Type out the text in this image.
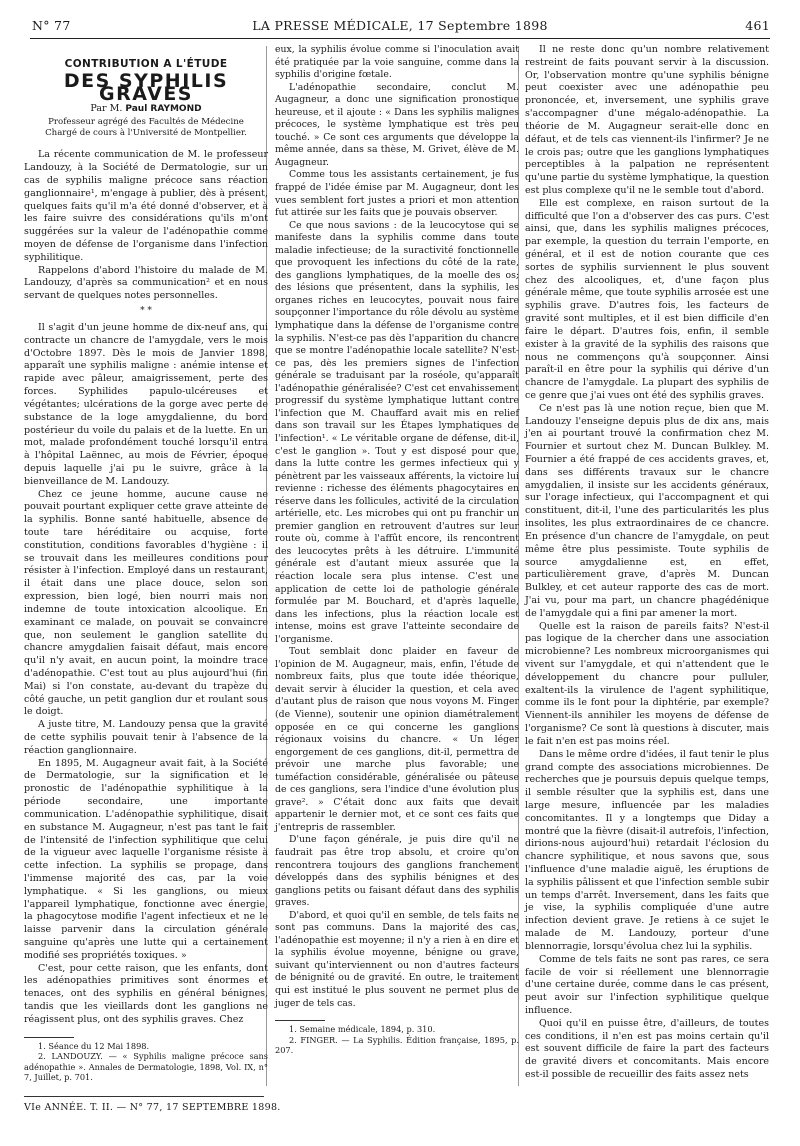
N° 77	LA PRESSE MÉDICALE, 17 Septembre 1898	461
CONTRIBUTION A L'ÉTUDE
DES SYPHILIS GRAVES
Par M. Paul RAYMOND
Professeur agrégé des Facultés de Médecine
Chargé de cours à l'Université de Montpellier.

La récente communication de M. le professeur Landouzy, à la Société de Dermatologie, sur un cas de syphilis maligne précoce sans réaction ganglionnaire¹, m'engage à publier, dès à présent, quelques faits qu'il m'a été donné d'observer, et à les faire suivre des considérations qu'ils m'ont suggérées sur la valeur de l'adénopathie comme moyen de défense de l'organisme dans l'infection syphilitique.

Rappelons d'abord l'histoire du malade de M. Landouzy, d'après sa communication² et en nous servant de quelques notes personnelles.

* *

Il s'agit d'un jeune homme de dix-neuf ans, qui contracte un chancre de l'amygdale, vers le mois d'Octobre 1897. Dès le mois de Janvier 1898, apparaît une syphilis maligne : anémie intense et rapide avec pâleur, amaigrissement, perte des forces. Syphilides papulo-ulcéreuses et végétantes; ulcérations de la gorge avec perte de substance de la loge amygdalienne, du bord postérieur du voile du palais et de la luette. En un mot, malade profondément touché lorsqu'il entra à l'hôpital Laënnec, au mois de Février, époque depuis laquelle j'ai pu le suivre, grâce à la bienveillance de M. Landouzy.

Chez ce jeune homme, aucune cause ne pouvait pourtant expliquer cette grave atteinte de la syphilis. Bonne santé habituelle, absence de toute tare héréditaire ou acquise, forte constitution, conditions favorables d'hygiène : il se trouvait dans les meilleures conditions pour résister à l'infection. Employé dans un restaurant, il était dans une place douce, selon son expression, bien logé, bien nourri mais non indemne de toute intoxication alcoolique. En examinant ce malade, on pouvait se convaincre que, non seulement le ganglion satellite du chancre amygdalien faisait défaut, mais encore qu'il n'y avait, en aucun point, la moindre trace d'adénopathie. C'est tout au plus aujourd'hui (fin Mai) si l'on constate, au-devant du trapèze du côté gauche, un petit ganglion dur et roulant sous le doigt.

A juste titre, M. Landouzy pensa que la gravité de cette syphilis pouvait tenir à l'absence de la réaction ganglionnaire.

En 1895, M. Augagneur avait fait, à la Société de Dermatologie, sur la signification et le pronostic de l'adénopathie syphilitique à la période secondaire, une importante communication. L'adénopathie syphilitique, disait en substance M. Augagneur, n'est pas tant le fait de l'intensité de l'infection syphilitique que celui de la vigueur avec laquelle l'organisme résiste à cette infection. La syphilis se propage, dans l'immense majorité des cas, par la voie lymphatique. « Si les ganglions, ou mieux l'appareil lymphatique, fonctionne avec énergie, la phagocytose modifie l'agent infectieux et ne le laisse parvenir dans la circulation générale sanguine qu'après une lutte qui a certainement modifié ses propriétés toxiques. »

C'est, pour cette raison, que les enfants, dont les adénopathies primitives sont énormes et tenaces, ont des syphilis en général bénignes, tandis que les vieillards dont les ganglions ne réagissent plus, ont des syphilis graves. Chez

1. Séance du 12 Mai 1898.
2. LANDOUZY. — « Syphilis maligne précoce sans adénopathie ». Annales de Dermatologie, 1898, Vol. IX, n° 7, Juillet, p. 701.

eux, la syphilis évolue comme si l'inoculation avait été pratiquée par la voie sanguine, comme dans la syphilis d'origine fœtale.

L'adénopathie secondaire, conclut M. Augagneur, a donc une signification pronostique heureuse, et il ajoute : « Dans les syphilis malignes précoces, le système lymphatique est très peu touché. » Ce sont ces arguments que développe la même année, dans sa thèse, M. Grivet, élève de M. Augagneur.

Comme tous les assistants certainement, je fus frappé de l'idée émise par M. Augagneur, dont les vues semblent fort justes a priori et mon attention fut attirée sur les faits que je pouvais observer.

Ce que nous savions : de la leucocytose qui se manifeste dans la syphilis comme dans toute maladie infectieuse; de la suractivité fonctionnelle que provoquent les infections du côté de la rate, des ganglions lymphatiques, de la moelle des os; des lésions que présentent, dans la syphilis, les organes riches en leucocytes, pouvait nous faire soupçonner l'importance du rôle dévolu au système lymphatique dans la défense de l'organisme contre la syphilis. N'est-ce pas dès l'apparition du chancre que se montre l'adénopathie locale satellite? N'est-ce pas, dès les premiers signes de l'infection générale se traduisant par la roséole, qu'apparaît l'adénopathie généralisée? C'est cet envahissement progressif du système lymphatique luttant contre l'infection que M. Chauffard avait mis en relief dans son travail sur les Étapes lymphatiques de l'infection¹. « Le véritable organe de défense, dit-il, c'est le ganglion ». Tout y est disposé pour que, dans la lutte contre les germes infectieux qui y pénètrent par les vaisseaux afférents, la victoire lui revienne : richesse des éléments phagocytaires en réserve dans les follicules, activité de la circulation artérielle, etc. Les microbes qui ont pu franchir un premier ganglion en retrouvent d'autres sur leur route où, comme à l'affût encore, ils rencontrent des leucocytes prêts à les détruire. L'immunité générale est d'autant mieux assurée que la réaction locale sera plus intense. C'est une application de cette loi de pathologie générale formulée par M. Bouchard, et d'après laquelle, dans les infections, plus la réaction locale est intense, moins est grave l'atteinte secondaire de l'organisme.

Tout semblait donc plaider en faveur de l'opinion de M. Augagneur, mais, enfin, l'étude de nombreux faits, plus que toute idée théorique, devait servir à élucider la question, et cela avec d'autant plus de raison que nous voyons M. Finger (de Vienne), soutenir une opinion diamétralement opposée en ce qui concerne les ganglions régionaux voisins du chancre. « Un léger engorgement de ces ganglions, dit-il, permettra de prévoir une marche plus favorable; une tuméfaction considérable, généralisée ou pâteuse de ces ganglions, sera l'indice d'une évolution plus grave². » C'était donc aux faits que devait appartenir le dernier mot, et ce sont ces faits que j'entrepris de rassembler.

D'une façon générale, je puis dire qu'il ne faudrait pas être trop absolu, et croire qu'on rencontrera toujours des ganglions franchement développés dans des syphilis bénignes et des ganglions petits ou faisant défaut dans des syphilis graves.

D'abord, et quoi qu'il en semble, de tels faits ne sont pas communs. Dans la majorité des cas, l'adénopathie est moyenne; il n'y a rien à en dire et la syphilis évolue moyenne, bénigne ou grave, suivant qu'interviennent ou non d'autres facteurs de bénignité ou de gravité. En outre, le traitement qui est institué le plus souvent ne permet plus de juger de tels cas.

1. Semaine médicale, 1894, p. 310.
2. FINGER. — La Syphilis. Édition française, 1895, p. 207.

Il ne reste donc qu'un nombre relativement restreint de faits pouvant servir à la discussion. Or, l'observation montre qu'une syphilis bénigne peut coexister avec une adénopathie peu prononcée, et, inversement, une syphilis grave s'accompagner d'une mégalo-adénopathie. La théorie de M. Augagneur serait-elle donc en défaut, et de tels cas viennent-ils l'infirmer? Je ne le crois pas; outre que les ganglions lymphatiques perceptibles à la palpation ne représentent qu'une partie du système lymphatique, la question est plus complexe qu'il ne le semble tout d'abord.

Elle est complexe, en raison surtout de la difficulté que l'on a d'observer des cas purs. C'est ainsi, que, dans les syphilis malignes précoces, par exemple, la question du terrain l'emporte, en général, et il est de notion courante que ces sortes de syphilis surviennent le plus souvent chez des alcooliques, et, d'une façon plus générale même, que toute syphilis arrosée est une syphilis grave. D'autres fois, les facteurs de gravité sont multiples, et il est bien difficile d'en faire le départ. D'autres fois, enfin, il semble exister à la gravité de la syphilis des raisons que nous ne commençons qu'à soupçonner. Ainsi paraît-il en être pour la syphilis qui dérive d'un chancre de l'amygdale. La plupart des syphilis de ce genre que j'ai vues ont été des syphilis graves.

Ce n'est pas là une notion reçue, bien que M. Landouzy l'enseigne depuis plus de dix ans, mais j'en ai pourtant trouvé la confirmation chez M. Fournier et surtout chez M. Duncan Bulkley. M. Fournier a été frappé de ces accidents graves, et, dans ses différents travaux sur le chancre amygdalien, il insiste sur les accidents généraux, sur l'orage infectieux, qui l'accompagnent et qui constituent, dit-il, l'une des particularités les plus insolites, les plus extraordinaires de ce chancre. En présence d'un chancre de l'amygdale, on peut même être plus pessimiste. Toute syphilis de source amygdalienne est, en effet, particulièrement grave, d'après M. Duncan Bulkley, et cet auteur rapporte des cas de mort. J'ai vu, pour ma part, un chancre phagédénique de l'amygdale qui a fini par amener la mort.

Quelle est la raison de pareils faits? N'est-il pas logique de la chercher dans une association microbienne? Les nombreux microorganismes qui vivent sur l'amygdale, et qui n'attendent que le développement du chancre pour pulluler, exaltent-ils la virulence de l'agent syphilitique, comme ils le font pour la diphtérie, par exemple? Viennent-ils annihiler les moyens de défense de l'organisme? Ce sont là questions à discuter, mais le fait n'en est pas moins réel.

Dans le même ordre d'idées, il faut tenir le plus grand compte des associations microbiennes. De recherches que je poursuis depuis quelque temps, il semble résulter que la syphilis est, dans une large mesure, influencée par les maladies concomitantes. Il y a longtemps que Diday a montré que la fièvre (disait-il autrefois, l'infection, dirions-nous aujourd'hui) retardait l'éclosion du chancre syphilitique, et nous savons que, sous l'influence d'une maladie aiguë, les éruptions de la syphilis pâlissent et que l'infection semble subir un temps d'arrêt. Inversement, dans les faits que je vise, la syphilis compliquée d'une autre infection devient grave. Je retiens à ce sujet le malade de M. Landouzy, porteur d'une blennorragie, lorsqu'évolua chez lui la syphilis.

Comme de tels faits ne sont pas rares, ce sera facile de voir si réellement une blennorragie d'une certaine durée, comme dans le cas présent, peut avoir sur l'infection syphilitique quelque influence.

Quoi qu'il en puisse être, d'ailleurs, de toutes ces conditions, il n'en est pas moins certain qu'il est souvent difficile de faire la part des facteurs de gravité divers et concomitants. Mais encore est-il possible de recueillir des faits assez nets

VIe ANNÉE. T. II. — N° 77, 17 SEPTEMBRE 1898.
